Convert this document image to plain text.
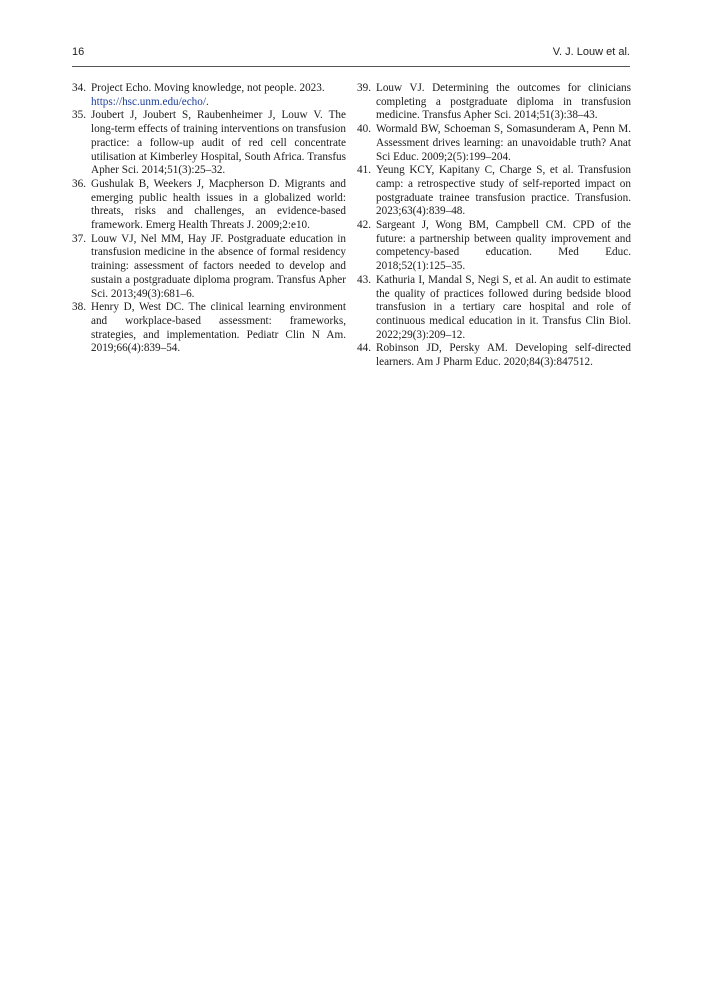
16	V. J. Louw et al.
34. Project Echo. Moving knowledge, not people. 2023.
https://hsc.unm.edu/echo/.
35. Joubert J, Joubert S, Raubenheimer J, Louw V. The long-term effects of training interventions on transfusion practice: a follow-up audit of red cell concentrate utilisation at Kimberley Hospital, South Africa. Transfus Apher Sci. 2014;51(3):25–32.
36. Gushulak B, Weekers J, Macpherson D. Migrants and emerging public health issues in a globalized world: threats, risks and challenges, an evidence-based framework. Emerg Health Threats J. 2009;2:e10.
37. Louw VJ, Nel MM, Hay JF. Postgraduate education in transfusion medicine in the absence of formal residency training: assessment of factors needed to develop and sustain a postgraduate diploma program. Transfus Apher Sci. 2013;49(3):681–6.
38. Henry D, West DC. The clinical learning environment and workplace-based assessment: frameworks, strategies, and implementation. Pediatr Clin N Am. 2019;66(4):839–54.
39. Louw VJ. Determining the outcomes for clinicians completing a postgraduate diploma in transfusion medicine. Transfus Apher Sci. 2014;51(3):38–43.
40. Wormald BW, Schoeman S, Somasunderam A, Penn M. Assessment drives learning: an unavoidable truth? Anat Sci Educ. 2009;2(5):199–204.
41. Yeung KCY, Kapitany C, Charge S, et al. Transfusion camp: a retrospective study of self-reported impact on postgraduate trainee transfusion practice. Transfusion. 2023;63(4):839–48.
42. Sargeant J, Wong BM, Campbell CM. CPD of the future: a partnership between quality improvement and competency-based education. Med Educ. 2018;52(1):125–35.
43. Kathuria I, Mandal S, Negi S, et al. An audit to estimate the quality of practices followed during bedside blood transfusion in a tertiary care hospital and role of continuous medical education in it. Transfus Clin Biol. 2022;29(3):209–12.
44. Robinson JD, Persky AM. Developing self-directed learners. Am J Pharm Educ. 2020;84(3):847512.
